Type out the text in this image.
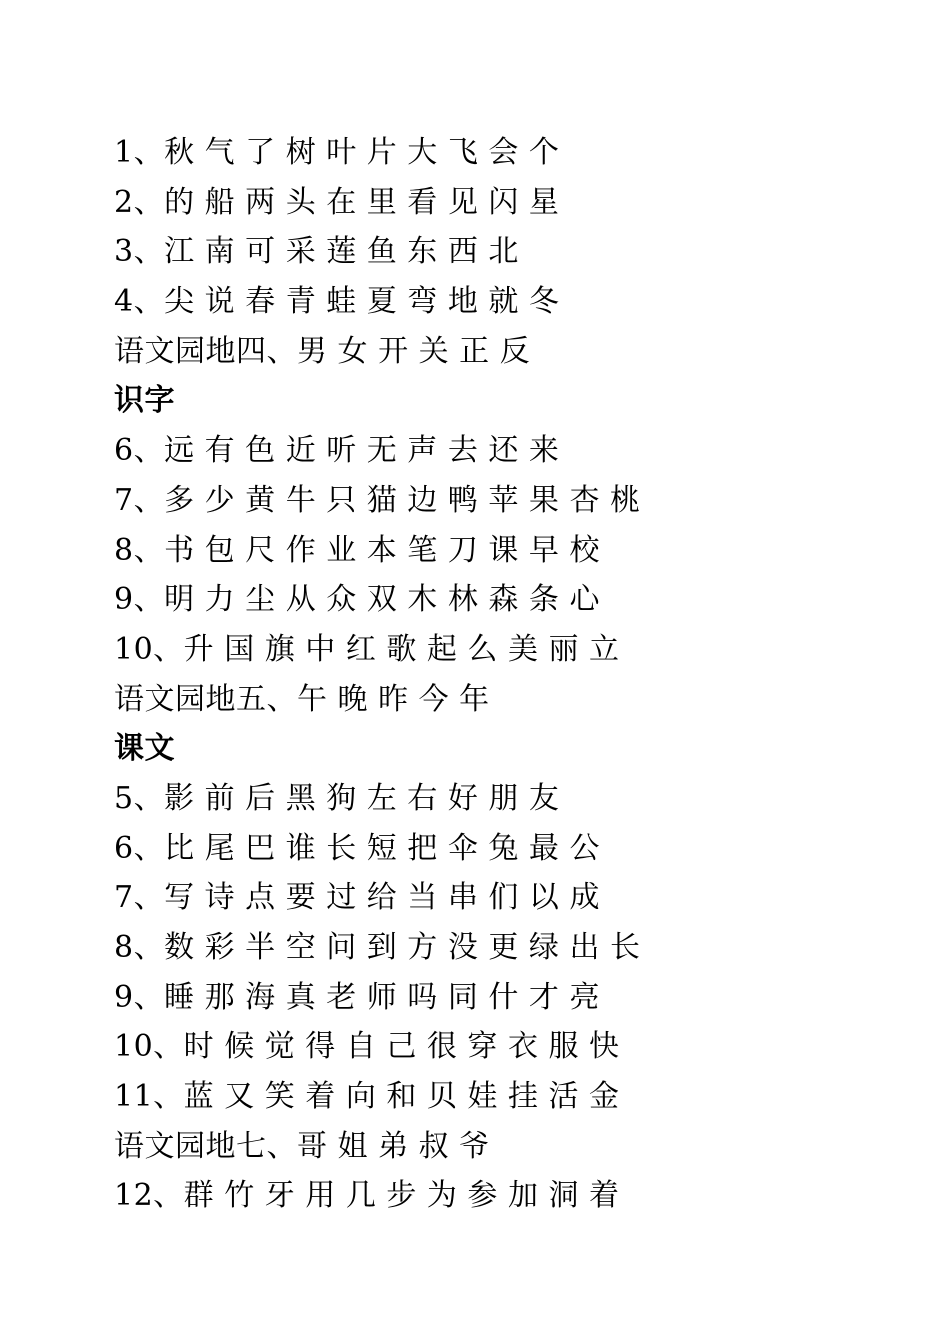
1、秋 气 了 树 叶 片 大 飞 会 个
2、的 船 两 头 在 里 看 见 闪 星
3、江 南 可 采 莲 鱼 东 西 北
4、尖 说 春 青 蛙 夏 弯 地 就 冬
语文园地四、男 女 开 关 正 反
识字
6、远 有 色 近 听 无 声 去 还 来
7、多 少 黄 牛 只 猫 边 鸭 苹 果 杏 桃
8、书 包 尺 作 业 本 笔 刀 课 早 校
9、明 力 尘 从 众 双 木 林 森 条 心
10、升 国 旗 中 红 歌 起 么 美 丽 立
语文园地五、午 晚 昨 今 年
课文
5、影 前 后 黑 狗 左 右 好 朋 友
6、比 尾 巴 谁 长 短 把 伞 兔 最 公
7、写 诗 点 要 过 给 当 串 们 以 成
8、数 彩 半 空 问 到 方 没 更 绿 出 长
9、睡 那 海 真 老 师 吗 同 什 才 亮
10、时 候 觉 得 自 己 很 穿 衣 服 快
11、蓝 又 笑 着 向 和 贝 娃 挂 活 金
语文园地七、哥 姐 弟 叔 爷
12、群 竹 牙 用 几 步 为 参 加 洞 着
